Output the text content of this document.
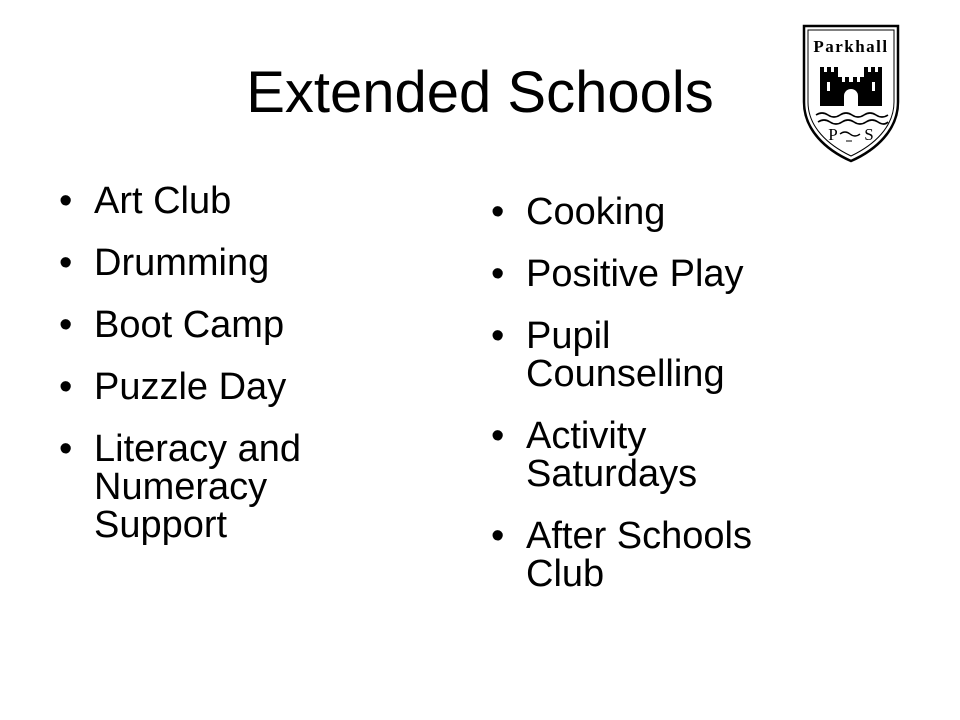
Extended Schools
• Art Club
• Drumming
• Boot Camp
• Puzzle Day
• Literacy and Numeracy Support
• Cooking
• Positive Play
• Pupil Counselling
• Activity Saturdays
• After Schools Club
Parkhall
P S
